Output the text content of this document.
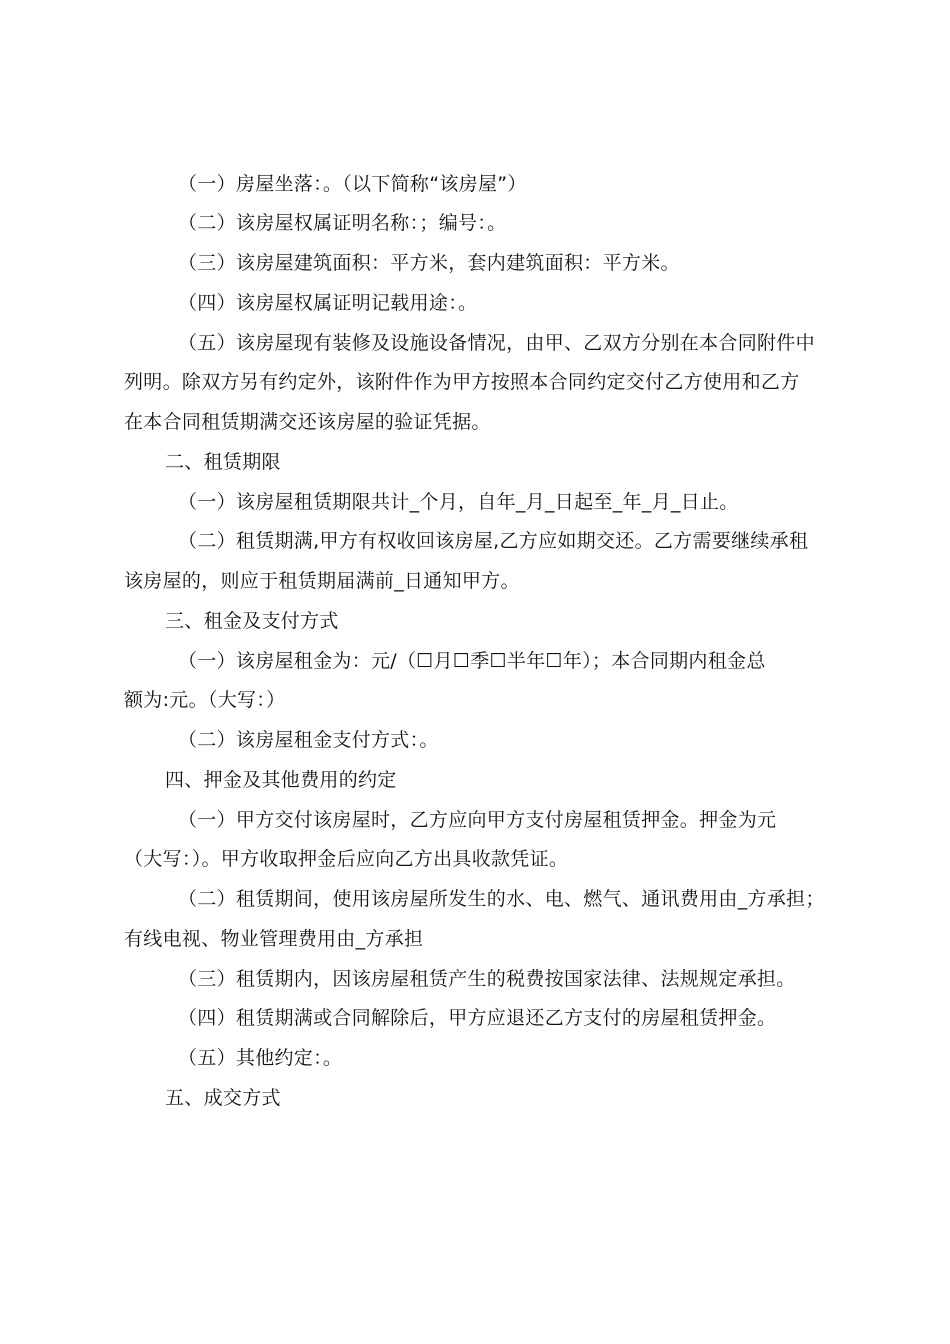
（一）房屋坐落：。（以下简称“该房屋”）
（二）该房屋权属证明名称：；编号：。
（三）该房屋建筑面积：平方米，套内建筑面积：平方米。
（四）该房屋权属证明记载用途：。
（五）该房屋现有装修及设施设备情况，由甲、乙双方分别在本合同附件中
列明。除双方另有约定外，该附件作为甲方按照本合同约定交付乙方使用和乙方
在本合同租赁期满交还该房屋的验证凭据。
二、租赁期限
（一）该房屋租赁期限共计_个月，自年_月_日起至_年_月_日止。
（二）租赁期满,甲方有权收回该房屋,乙方应如期交还。乙方需要继续承租
该房屋的，则应于租赁期届满前_日通知甲方。
三、租金及支付方式
（一）该房屋租金为：元/（☐月☐季☐半年☐年）；本合同期内租金总
额为:元。（大写：）
（二）该房屋租金支付方式：。
四、押金及其他费用的约定
（一）甲方交付该房屋时，乙方应向甲方支付房屋租赁押金。押金为元
（大写：）。甲方收取押金后应向乙方出具收款凭证。
（二）租赁期间，使用该房屋所发生的水、电、燃气、通讯费用由_方承担；
有线电视、物业管理费用由_方承担
（三）租赁期内，因该房屋租赁产生的税费按国家法律、法规规定承担。
（四）租赁期满或合同解除后，甲方应退还乙方支付的房屋租赁押金。
（五）其他约定：。
五、成交方式
